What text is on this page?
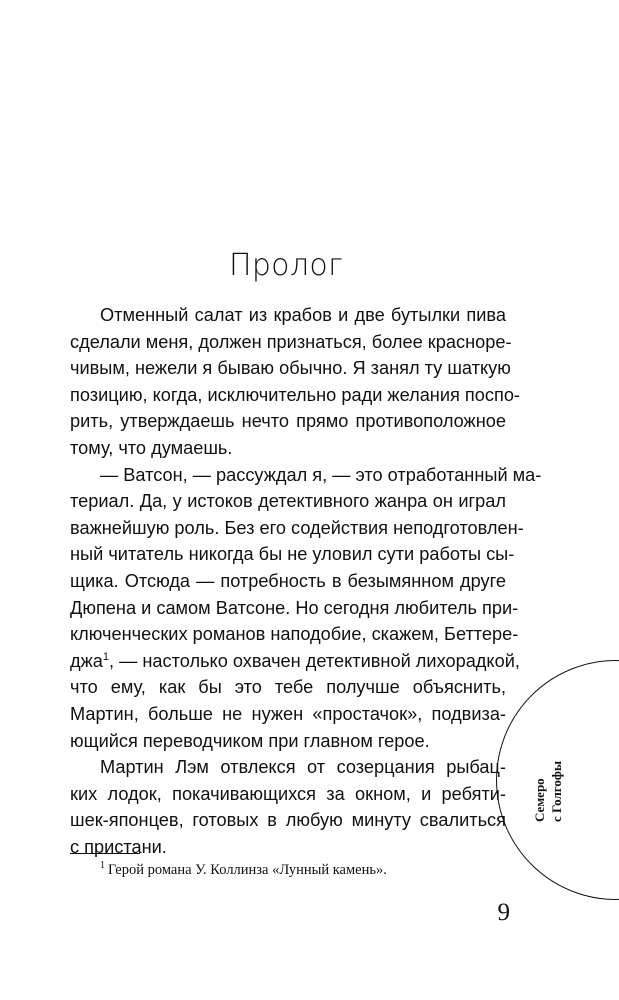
Пролог
Отменный салат из крабов и две бутылки пива
сделали меня, должен признаться, более красноре-
чивым, нежели я бываю обычно. Я занял ту шаткую
позицию, когда, исключительно ради желания поспо-
рить, утверждаешь нечто прямо противоположное
тому, что думаешь.
— Ватсон, — рассуждал я, — это отработанный ма-
териал. Да, у истоков детективного жанра он играл
важнейшую роль. Без его содействия неподготовлен-
ный читатель никогда бы не уловил сути работы сы-
щика. Отсюда — потребность в безымянном друге
Дюпена и самом Ватсоне. Но сегодня любитель при-
ключенческих романов наподобие, скажем, Беттере-
джа$^1$, — настолько охвачен детективной лихорадкой,
что ему, как бы это тебе получше объяснить,
Мартин, больше не нужен «простачок», подвиза-
ющийся переводчиком при главном герое.
Мартин Лэм отвлекся от созерцания рыбац-
ких лодок, покачивающихся за окном, и ребяти-
шек-японцев, готовых в любую минуту свалиться
с пристани.
$^1$ Герой романа У. Коллинза «Лунный камень».
9
Семеро с Голгофы
